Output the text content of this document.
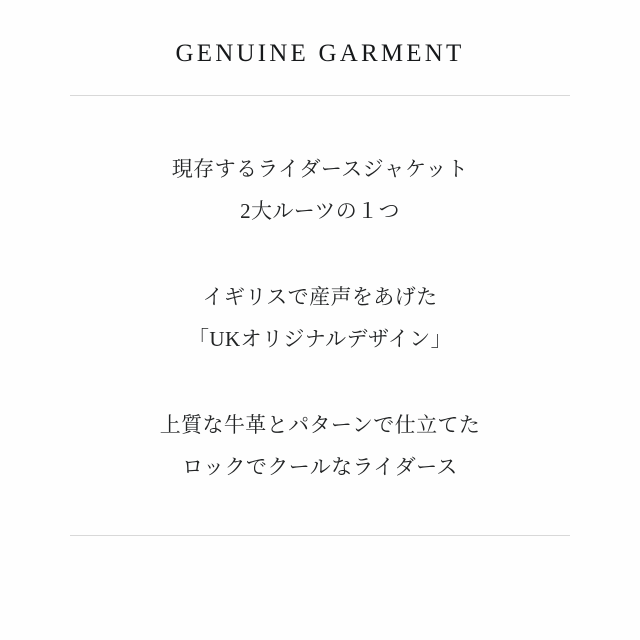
GENUINE GARMENT
現存するライダースジャケット
2大ルーツの１つ
イギリスで産声をあげた
「UKオリジナルデザイン」
上質な牛革とパターンで仕立てた
ロックでクールなライダース
